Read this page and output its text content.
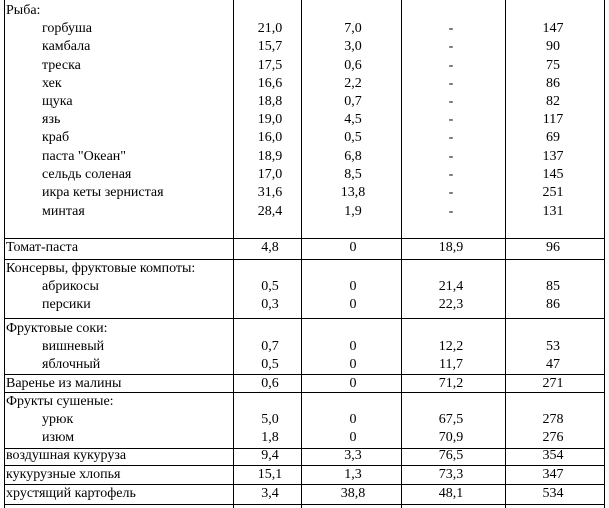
Рыба:
горбуша	21,0	7,0	-	147
камбала	15,7	3,0	-	90
треска	17,5	0,6	-	75
хек	16,6	2,2	-	86
щука	18,8	0,7	-	82
язь	19,0	4,5	-	117
краб	16,0	0,5	-	69
паста "Океан"	18,9	6,8	-	137
сельдь соленая	17,0	8,5	-	145
икра кеты зернистая	31,6	13,8	-	251
минтая	28,4	1,9	-	131
Томат-паста	4,8	0	18,9	96
Консервы, фруктовые компоты:
абрикосы	0,5	0	21,4	85
персики	0,3	0	22,3	86
Фруктовые соки:
вишневый	0,7	0	12,2	53
яблочный	0,5	0	11,7	47
Варенье из малины	0,6	0	71,2	271
Фрукты сушеные:
урюк	5,0	0	67,5	278
изюм	1,8	0	70,9	276
воздушная кукуруза	9,4	3,3	76,5	354
кукурузные хлопья	15,1	1,3	73,3	347
хрустящий картофель	3,4	38,8	48,1	534
